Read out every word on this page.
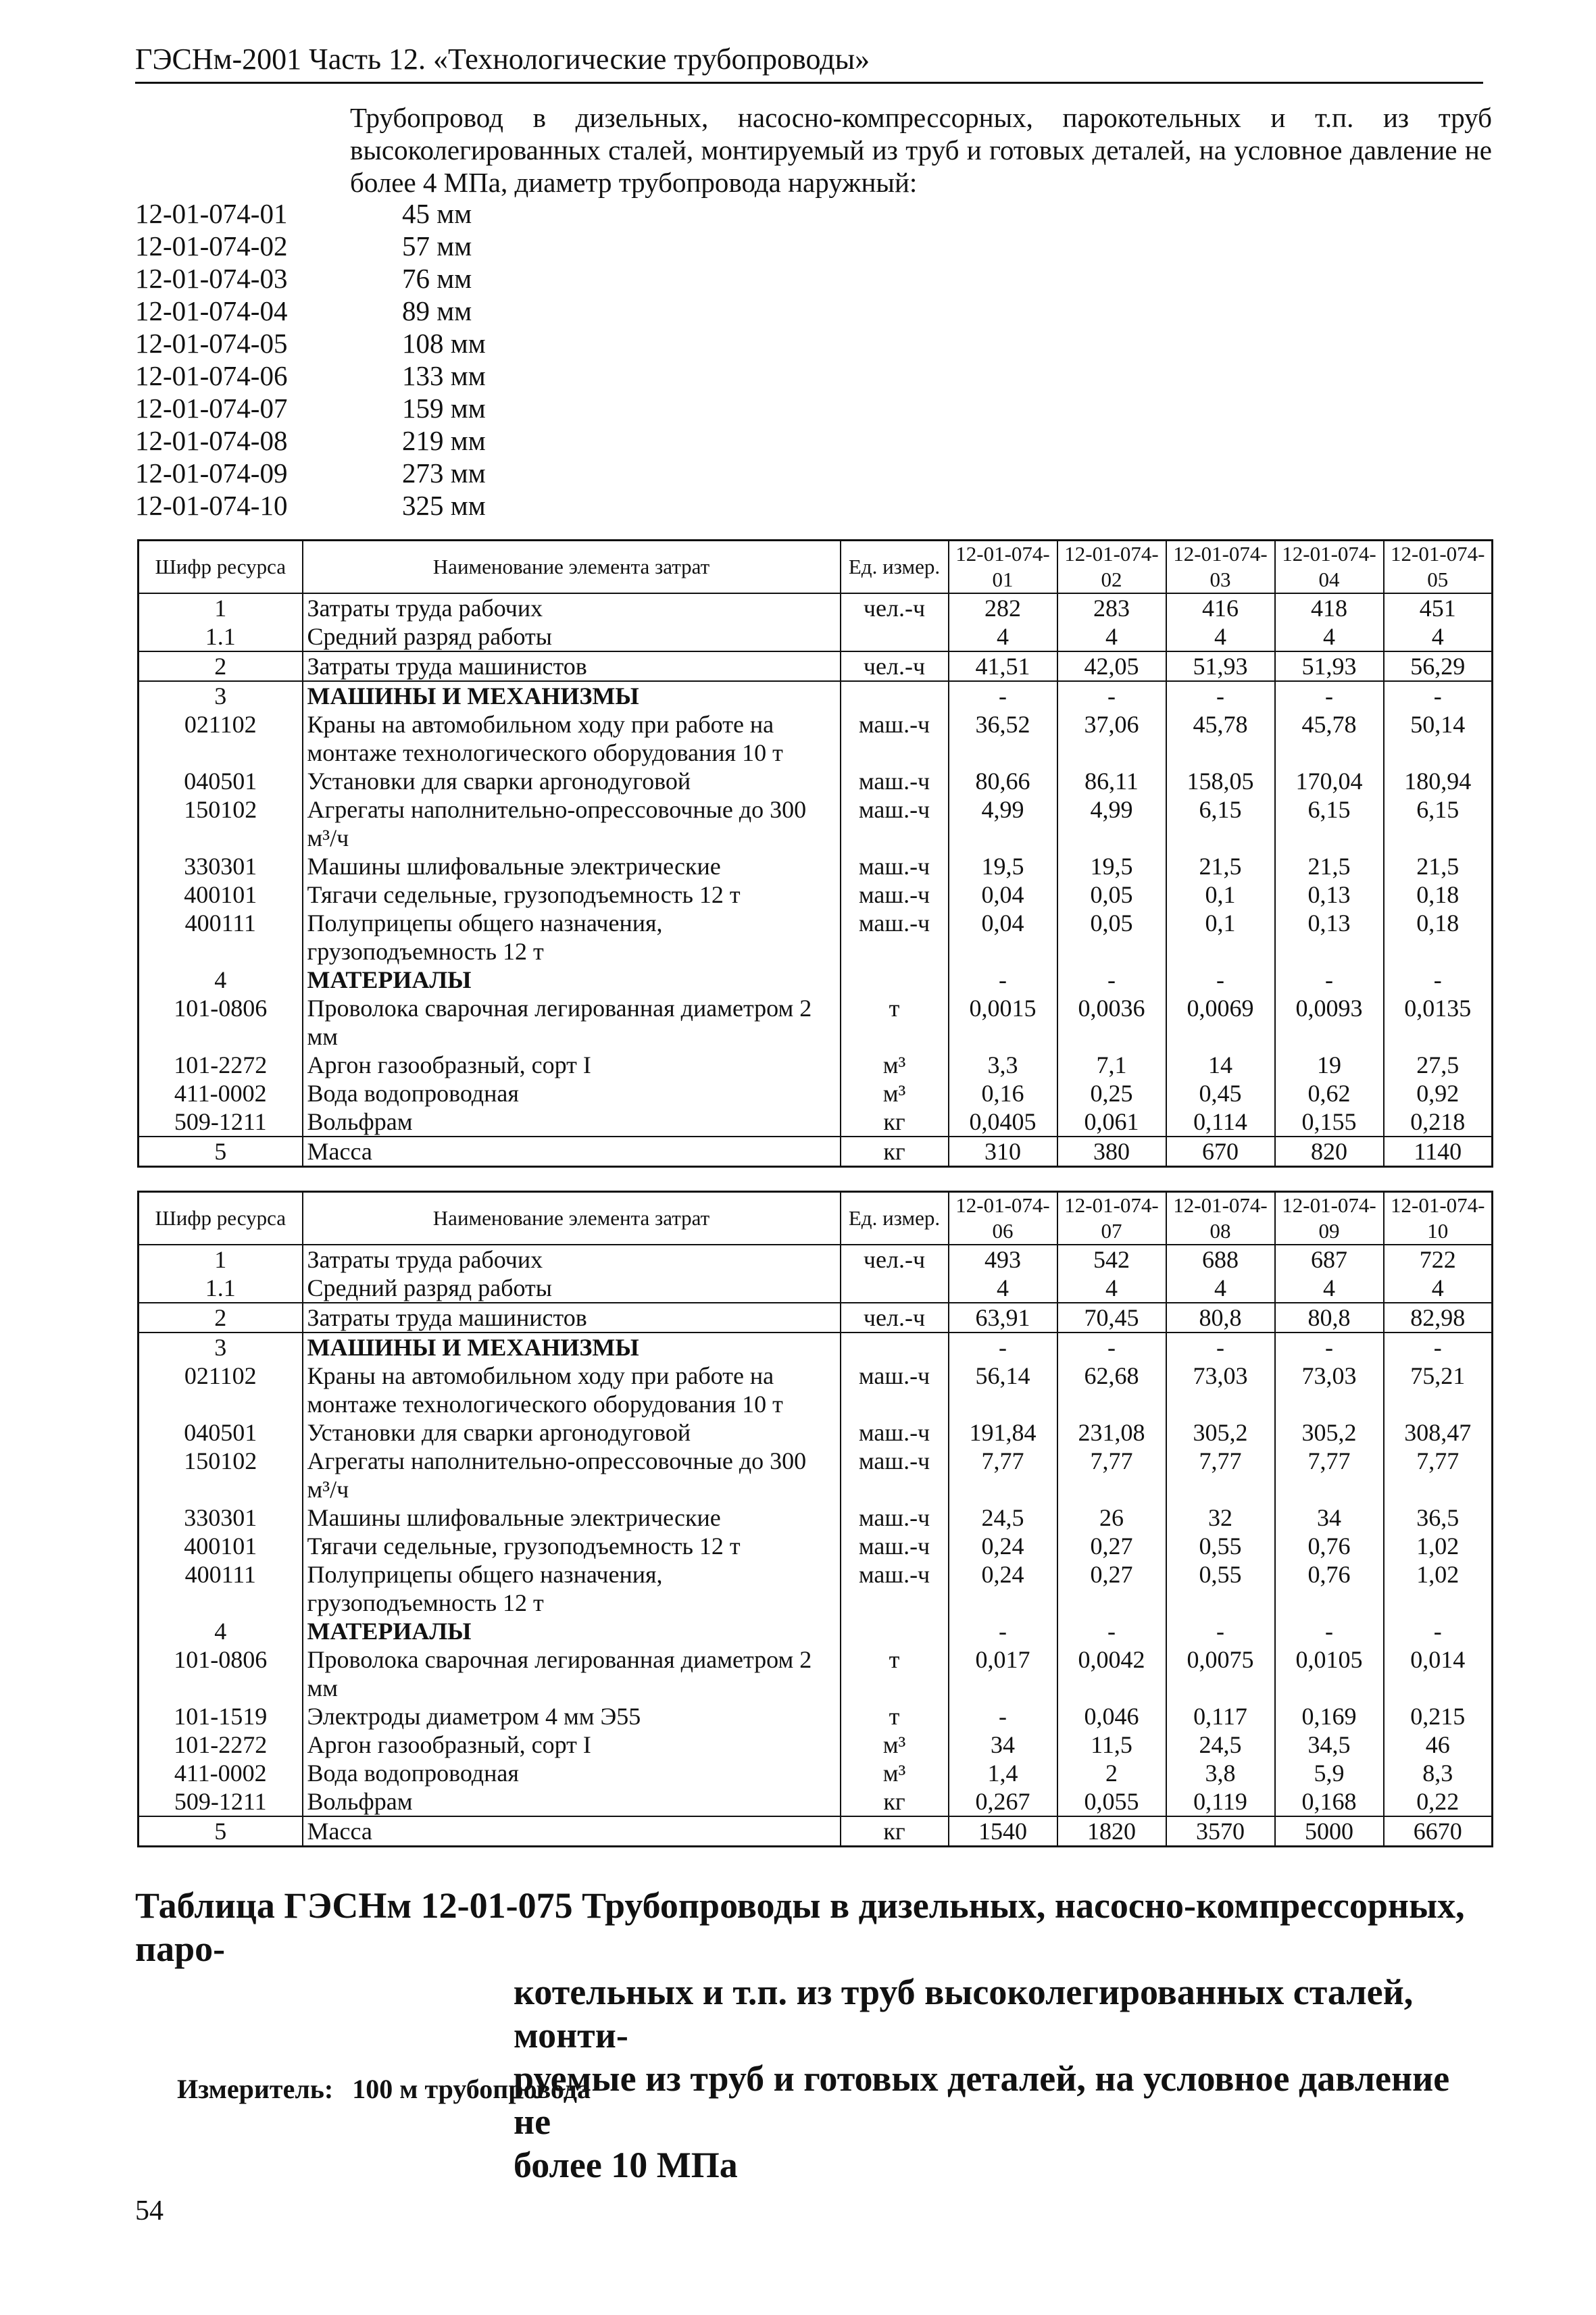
ГЭСНм-2001 Часть 12. «Технологические трубопроводы»
Трубопровод в дизельных, насосно-компрессорных, парокотельных и т.п. из труб высоколегированных сталей, монтируемый из труб и готовых деталей, на условное давление не более 4 МПа, диаметр трубопровода наружный:
12-01-074-01	45 мм
12-01-074-02	57 мм
12-01-074-03	76 мм
12-01-074-04	89 мм
12-01-074-05	108 мм
12-01-074-06	133 мм
12-01-074-07	159 мм
12-01-074-08	219 мм
12-01-074-09	273 мм
12-01-074-10	325 мм
Шифр ресурса	Наименование элемента затрат	Ед. измер.	12-01-074-01	12-01-074-02	12-01-074-03	12-01-074-04	12-01-074-05
1	Затраты труда рабочих	чел.-ч	282	283	416	418	451
1.1	Средний разряд работы		4	4	4	4	4
2	Затраты труда машинистов	чел.-ч	41,51	42,05	51,93	51,93	56,29
3	МАШИНЫ И МЕХАНИЗМЫ		-	-	-	-	-
021102	Краны на автомобильном ходу при работе на монтаже технологического оборудования 10 т	маш.-ч	36,52	37,06	45,78	45,78	50,14
040501	Установки для сварки аргонодуговой	маш.-ч	80,66	86,11	158,05	170,04	180,94
150102	Агрегаты наполнительно-опрессовочные до 300 м³/ч	маш.-ч	4,99	4,99	6,15	6,15	6,15
330301	Машины шлифовальные электрические	маш.-ч	19,5	19,5	21,5	21,5	21,5
400101	Тягачи седельные, грузоподъемность 12 т	маш.-ч	0,04	0,05	0,1	0,13	0,18
400111	Полуприцепы общего назначения, грузоподъемность 12 т	маш.-ч	0,04	0,05	0,1	0,13	0,18
4	МАТЕРИАЛЫ		-	-	-	-	-
101-0806	Проволока сварочная легированная диаметром 2 мм	т	0,0015	0,0036	0,0069	0,0093	0,0135
101-2272	Аргон газообразный, сорт I	м³	3,3	7,1	14	19	27,5
411-0002	Вода водопроводная	м³	0,16	0,25	0,45	0,62	0,92
509-1211	Вольфрам	кг	0,0405	0,061	0,114	0,155	0,218
5	Масса	кг	310	380	670	820	1140
Шифр ресурса	Наименование элемента затрат	Ед. измер.	12-01-074-06	12-01-074-07	12-01-074-08	12-01-074-09	12-01-074-10
1	Затраты труда рабочих	чел.-ч	493	542	688	687	722
1.1	Средний разряд работы		4	4	4	4	4
2	Затраты труда машинистов	чел.-ч	63,91	70,45	80,8	80,8	82,98
3	МАШИНЫ И МЕХАНИЗМЫ		-	-	-	-	-
021102	Краны на автомобильном ходу при работе на монтаже технологического оборудования 10 т	маш.-ч	56,14	62,68	73,03	73,03	75,21
040501	Установки для сварки аргонодуговой	маш.-ч	191,84	231,08	305,2	305,2	308,47
150102	Агрегаты наполнительно-опрессовочные до 300 м³/ч	маш.-ч	7,77	7,77	7,77	7,77	7,77
330301	Машины шлифовальные электрические	маш.-ч	24,5	26	32	34	36,5
400101	Тягачи седельные, грузоподъемность 12 т	маш.-ч	0,24	0,27	0,55	0,76	1,02
400111	Полуприцепы общего назначения, грузоподъемность 12 т	маш.-ч	0,24	0,27	0,55	0,76	1,02
4	МАТЕРИАЛЫ		-	-	-	-	-
101-0806	Проволока сварочная легированная диаметром 2 мм	т	0,017	0,0042	0,0075	0,0105	0,014
101-1519	Электроды диаметром 4 мм Э55	т	-	0,046	0,117	0,169	0,215
101-2272	Аргон газообразный, сорт I	м³	34	11,5	24,5	34,5	46
411-0002	Вода водопроводная	м³	1,4	2	3,8	5,9	8,3
509-1211	Вольфрам	кг	0,267	0,055	0,119	0,168	0,22
5	Масса	кг	1540	1820	3570	5000	6670
Таблица ГЭСНм 12-01-075 Трубопроводы в дизельных, насосно-компрессорных, паро-
котельных и т.п. из труб высоколегированных сталей, монти-
руемые из труб и готовых деталей, на условное давление не
более 10 МПа
Измеритель: 100 м трубопровода
54
